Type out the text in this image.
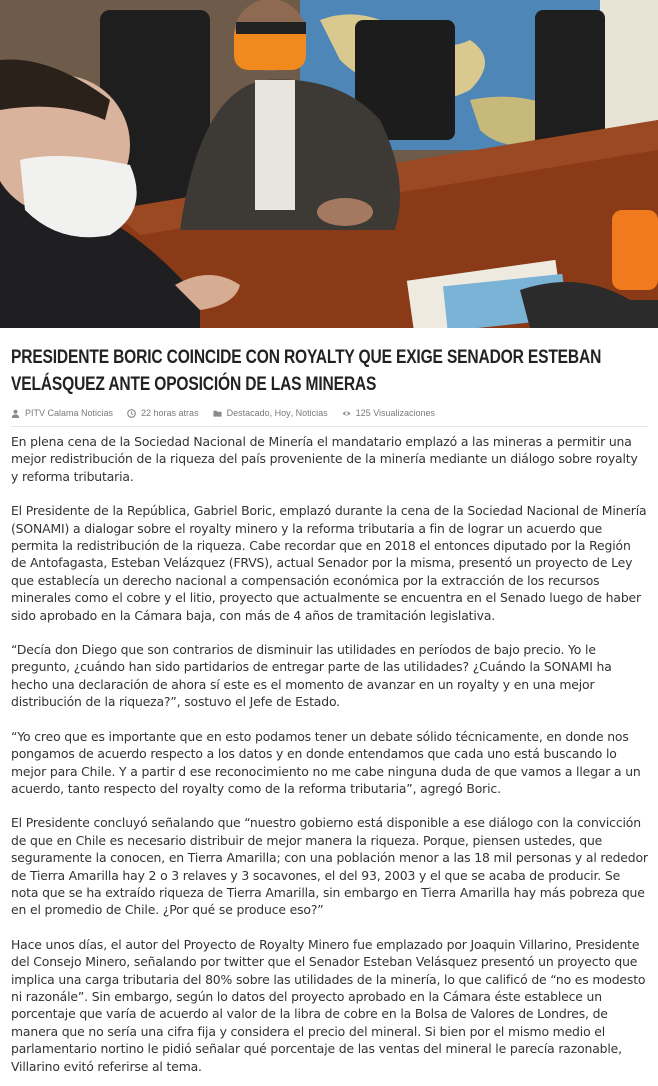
PRESIDENTE BORIC COINCIDE CON ROYALTY QUE EXIGE SENADOR ESTEBAN VELÁSQUEZ ANTE OPOSICIÓN DE LAS MINERAS
PITV Calama Noticias	22 horas atras	Destacado , Hoy , Noticias	125 Visualizaciones

En plena cena de la Sociedad Nacional de Minería el mandatario emplazó a las mineras a permitir una mejor redistribución de la riqueza del país proveniente de la minería mediante un diálogo sobre royalty y reforma tributaria.

El Presidente de la República, Gabriel Boric, emplazó durante la cena de la Sociedad Nacional de Minería (SONAMI) a dialogar sobre el royalty minero y la reforma tributaria a fin de lograr un acuerdo que permita la redistribución de la riqueza. Cabe recordar que en 2018 el entonces diputado por la Región de Antofagasta, Esteban Velázquez (FRVS), actual Senador por la misma, presentó un proyecto de Ley que establecía un derecho nacional a compensación económica por la extracción de los recursos minerales como el cobre y el litio, proyecto que actualmente se encuentra en el Senado luego de haber sido aprobado en la Cámara baja, con más de 4 años de tramitación legislativa.

“Decía don Diego que son contrarios de disminuir las utilidades en períodos de bajo precio. Yo le pregunto, ¿cuándo han sido partidarios de entregar parte de las utilidades? ¿Cuándo la SONAMI ha hecho una declaración de ahora sí este es el momento de avanzar en un royalty y en una mejor distribución de la riqueza?”, sostuvo el Jefe de Estado.

“Yo creo que es importante que en esto podamos tener un debate sólido técnicamente, en donde nos pongamos de acuerdo respecto a los datos y en donde entendamos que cada uno está buscando lo mejor para Chile. Y a partir d ese reconocimiento no me cabe ninguna duda de que vamos a llegar a un acuerdo, tanto respecto del royalty como de la reforma tributaria”, agregó Boric.

El Presidente concluyó señalando que “nuestro gobierno está disponible a ese diálogo con la convicción de que en Chile es necesario distribuir de mejor manera la riqueza. Porque, piensen ustedes, que seguramente la conocen, en Tierra Amarilla; con una población menor a las 18 mil personas y al rededor de Tierra Amarilla hay 2 o 3 relaves y 3 socavones, el del 93, 2003 y el que se acaba de producir. Se nota que se ha extraído riqueza de Tierra Amarilla, sin embargo en Tierra Amarilla hay más pobreza que en el promedio de Chile. ¿Por qué se produce eso?”

Hace unos días, el autor del Proyecto de Royalty Minero fue emplazado por Joaquin Villarino, Presidente del Consejo Minero, señalando por twitter que el Senador Esteban Velásquez presentó un proyecto que implica una carga tributaria del 80% sobre las utilidades de la minería, lo que calificó de “no es modesto ni razonále”. Sin embargo, según lo datos del proyecto aprobado en la Cámara éste establece un porcentaje que varía de acuerdo al valor de la libra de cobre en la Bolsa de Valores de Londres, de manera que no sería una cifra fija y considera el precio del mineral. Si bien por el mismo medio el parlamentario nortino le pidió señalar qué porcentaje de las ventas del mineral le parecía razonable, Villarino evitó referirse al tema.
